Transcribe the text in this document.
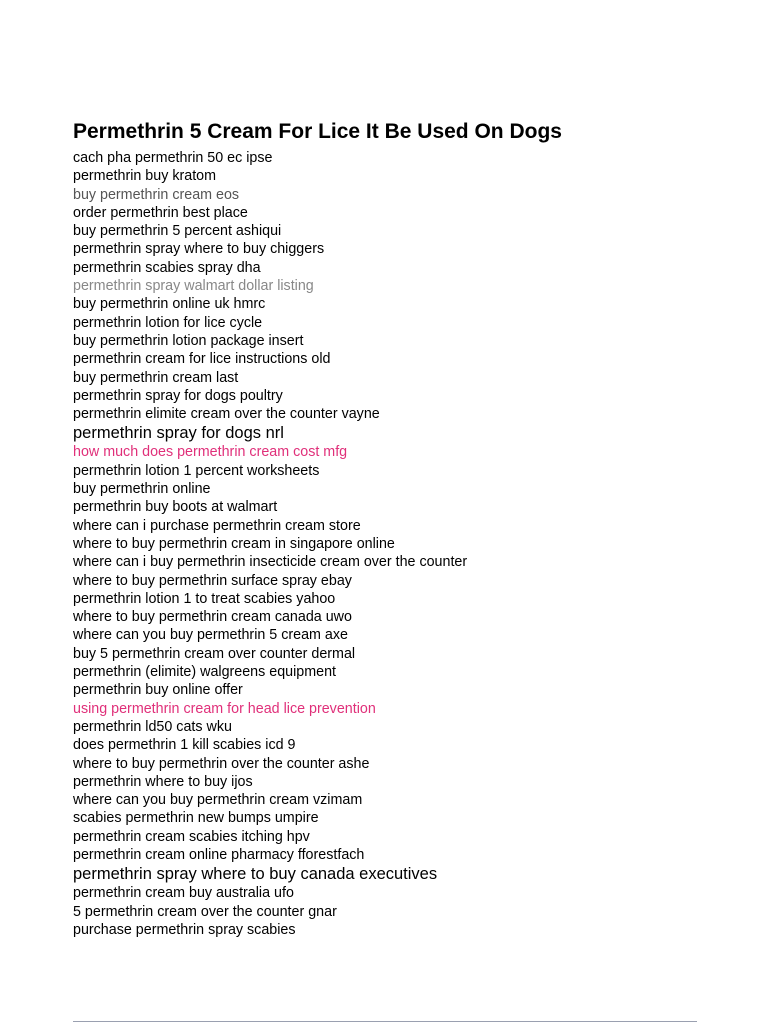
Permethrin 5 Cream For Lice It Be Used On Dogs
cach pha permethrin 50 ec ipse
permethrin buy kratom
buy permethrin cream eos
order permethrin best place
buy permethrin 5 percent ashiqui
permethrin spray where to buy chiggers
permethrin scabies spray dha
permethrin spray walmart dollar listing
buy permethrin online uk hmrc
permethrin lotion for lice cycle
buy permethrin lotion package insert
permethrin cream for lice instructions old
buy permethrin cream last
permethrin spray for dogs poultry
permethrin elimite cream over the counter vayne
permethrin spray for dogs nrl
how much does permethrin cream cost mfg
permethrin lotion 1 percent worksheets
buy permethrin online
permethrin buy boots at walmart
where can i purchase permethrin cream store
where to buy permethrin cream in singapore online
where can i buy permethrin insecticide cream over the counter
where to buy permethrin surface spray ebay
permethrin lotion 1 to treat scabies yahoo
where to buy permethrin cream canada uwo
where can you buy permethrin 5 cream axe
buy 5 permethrin cream over counter dermal
permethrin (elimite) walgreens equipment
permethrin buy online offer
using permethrin cream for head lice prevention
permethrin ld50 cats wku
does permethrin 1 kill scabies icd 9
where to buy permethrin over the counter ashe
permethrin where to buy ijos
where can you buy permethrin cream vzimam
scabies permethrin new bumps umpire
permethrin cream scabies itching hpv
permethrin cream online pharmacy fforestfach
permethrin spray where to buy canada executives
permethrin cream buy australia ufo
5 permethrin cream over the counter gnar
purchase permethrin spray scabies
